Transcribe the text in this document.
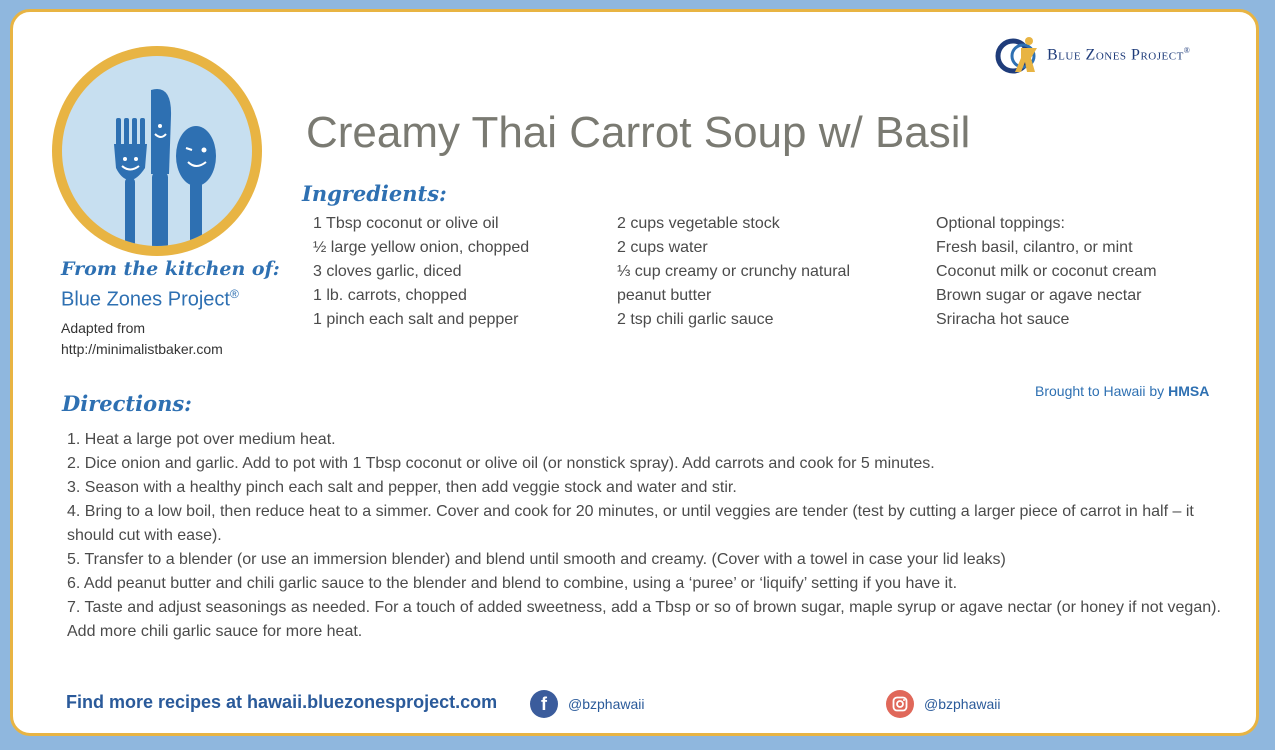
Blue Zones Project®
Creamy Thai Carrot Soup w/ Basil
Ingredients:
1 Tbsp coconut or olive oil
½ large yellow onion, chopped
3 cloves garlic, diced
1 lb. carrots, chopped
1 pinch each salt and pepper
2 cups vegetable stock
2 cups water
⅓ cup creamy or crunchy natural
peanut butter
2 tsp chili garlic sauce
Optional toppings:
Fresh basil, cilantro, or mint
Coconut milk or coconut cream
Brown sugar or agave nectar
Sriracha hot sauce
From the kitchen of:
Blue Zones Project®
Adapted from
http://minimalistbaker.com
Brought to Hawaii by HMSA
Directions:
1. Heat a large pot over medium heat.
2. Dice onion and garlic. Add to pot with 1 Tbsp coconut or olive oil (or nonstick spray). Add carrots and cook for 5 minutes.
3. Season with a healthy pinch each salt and pepper, then add veggie stock and water and stir.
4. Bring to a low boil, then reduce heat to a simmer. Cover and cook for 20 minutes, or until veggies are tender (test by cutting a larger piece of carrot in half – it should cut with ease).
5. Transfer to a blender (or use an immersion blender) and blend until smooth and creamy. (Cover with a towel in case your lid leaks)
6. Add peanut butter and chili garlic sauce to the blender and blend to combine, using a ‘puree’ or ‘liquify’ setting if you have it.
7. Taste and adjust seasonings as needed. For a touch of added sweetness, add a Tbsp or so of brown sugar, maple syrup or agave nectar (or honey if not vegan). Add more chili garlic sauce for more heat.
Find more recipes at hawaii.bluezonesproject.com	f	@bzphawaii	@bzphawaii
